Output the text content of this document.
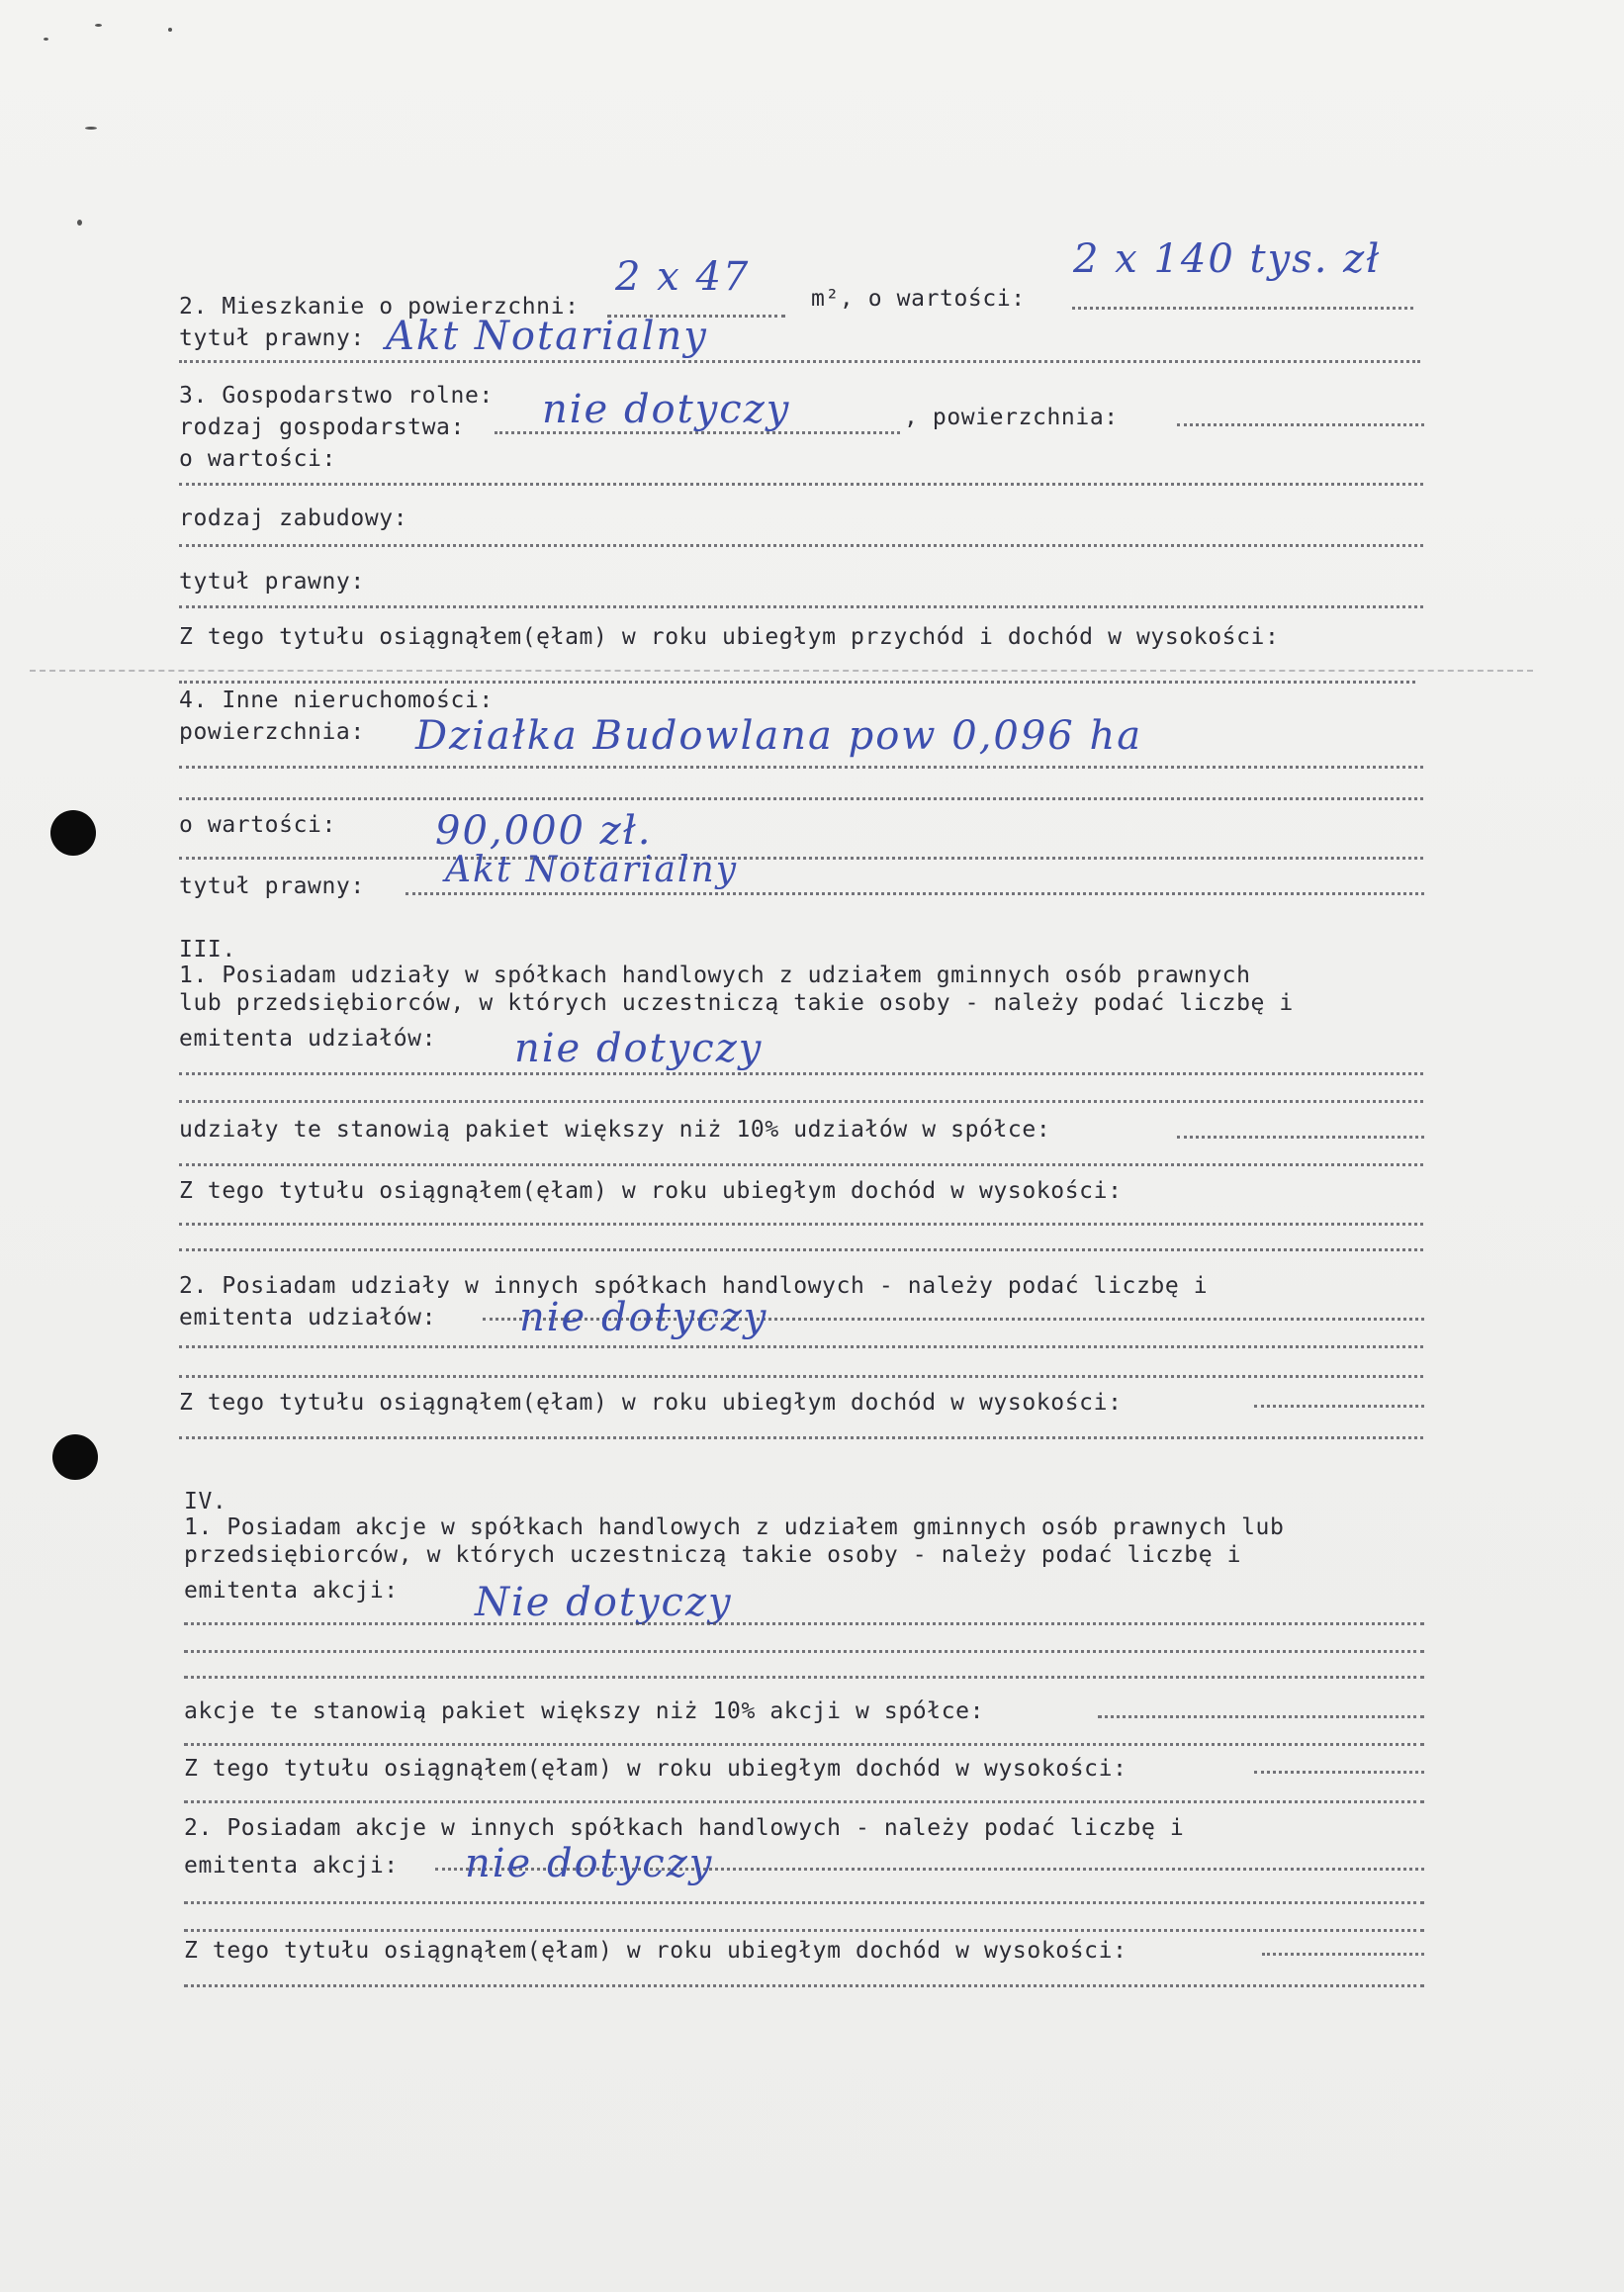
2. Mieszkanie o powierzchni:	m², o wartości:
2 x 47	2 x 140 tys. zł
tytuł prawny: Akt Notarialny
3. Gospodarstwo rolne:
rodzaj gospodarstwa: nie dotyczy	, powierzchnia:
o wartości:
rodzaj zabudowy:
tytuł prawny:
Z tego tytułu osiągnąłem(ęłam) w roku ubiegłym przychód i dochód w wysokości:
4. Inne nieruchomości:
powierzchnia: Działka Budowlana pow 0,096 ha
o wartości:	90,000 zł.
tytuł prawny: Akt Notarialny
III.
1. Posiadam udziały w spółkach handlowych z udziałem gminnych osób prawnych
lub przedsiębiorców, w których uczestniczą takie osoby - należy podać liczbę i
emitenta udziałów: nie dotyczy
udziały te stanowią pakiet większy niż 10% udziałów w spółce:
Z tego tytułu osiągnąłem(ęłam) w roku ubiegłym dochód w wysokości:
2. Posiadam udziały w innych spółkach handlowych - należy podać liczbę i
emitenta udziałów: nie dotyczy
Z tego tytułu osiągnąłem(ęłam) w roku ubiegłym dochód w wysokości:
IV.
1. Posiadam akcje w spółkach handlowych z udziałem gminnych osób prawnych lub
przedsiębiorców, w których uczestniczą takie osoby - należy podać liczbę i
emitenta akcji: Nie dotyczy
akcje te stanowią pakiet większy niż 10% akcji w spółce:
Z tego tytułu osiągnąłem(ęłam) w roku ubiegłym dochód w wysokości:
2. Posiadam akcje w innych spółkach handlowych - należy podać liczbę i
emitenta akcji: nie dotyczy
Z tego tytułu osiągnąłem(ęłam) w roku ubiegłym dochód w wysokości:
